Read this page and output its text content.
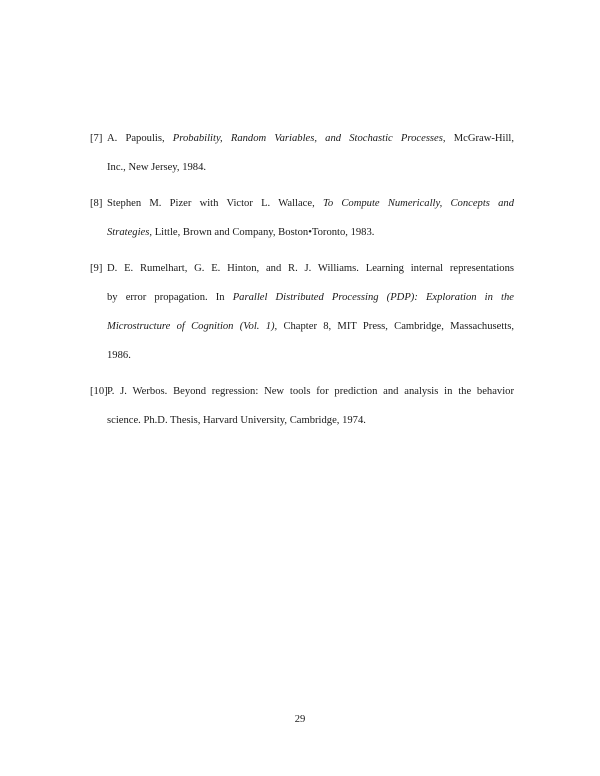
[7] A. Papoulis, Probability, Random Variables, and Stochastic Processes, McGraw-Hill,
Inc., New Jersey, 1984.
[8] Stephen M. Pizer with Victor L. Wallace, To Compute Numerically, Concepts and
Strategies, Little, Brown and Company, Boston•Toronto, 1983.
[9] D. E. Rumelhart, G. E. Hinton, and R. J. Williams. Learning internal representations
by error propagation. In Parallel Distributed Processing (PDP): Exploration in the
Microstructure of Cognition (Vol. 1), Chapter 8, MIT Press, Cambridge, Massachusetts,
1986.
[10] P. J. Werbos. Beyond regression: New tools for prediction and analysis in the behavior
science. Ph.D. Thesis, Harvard University, Cambridge, 1974.
29
